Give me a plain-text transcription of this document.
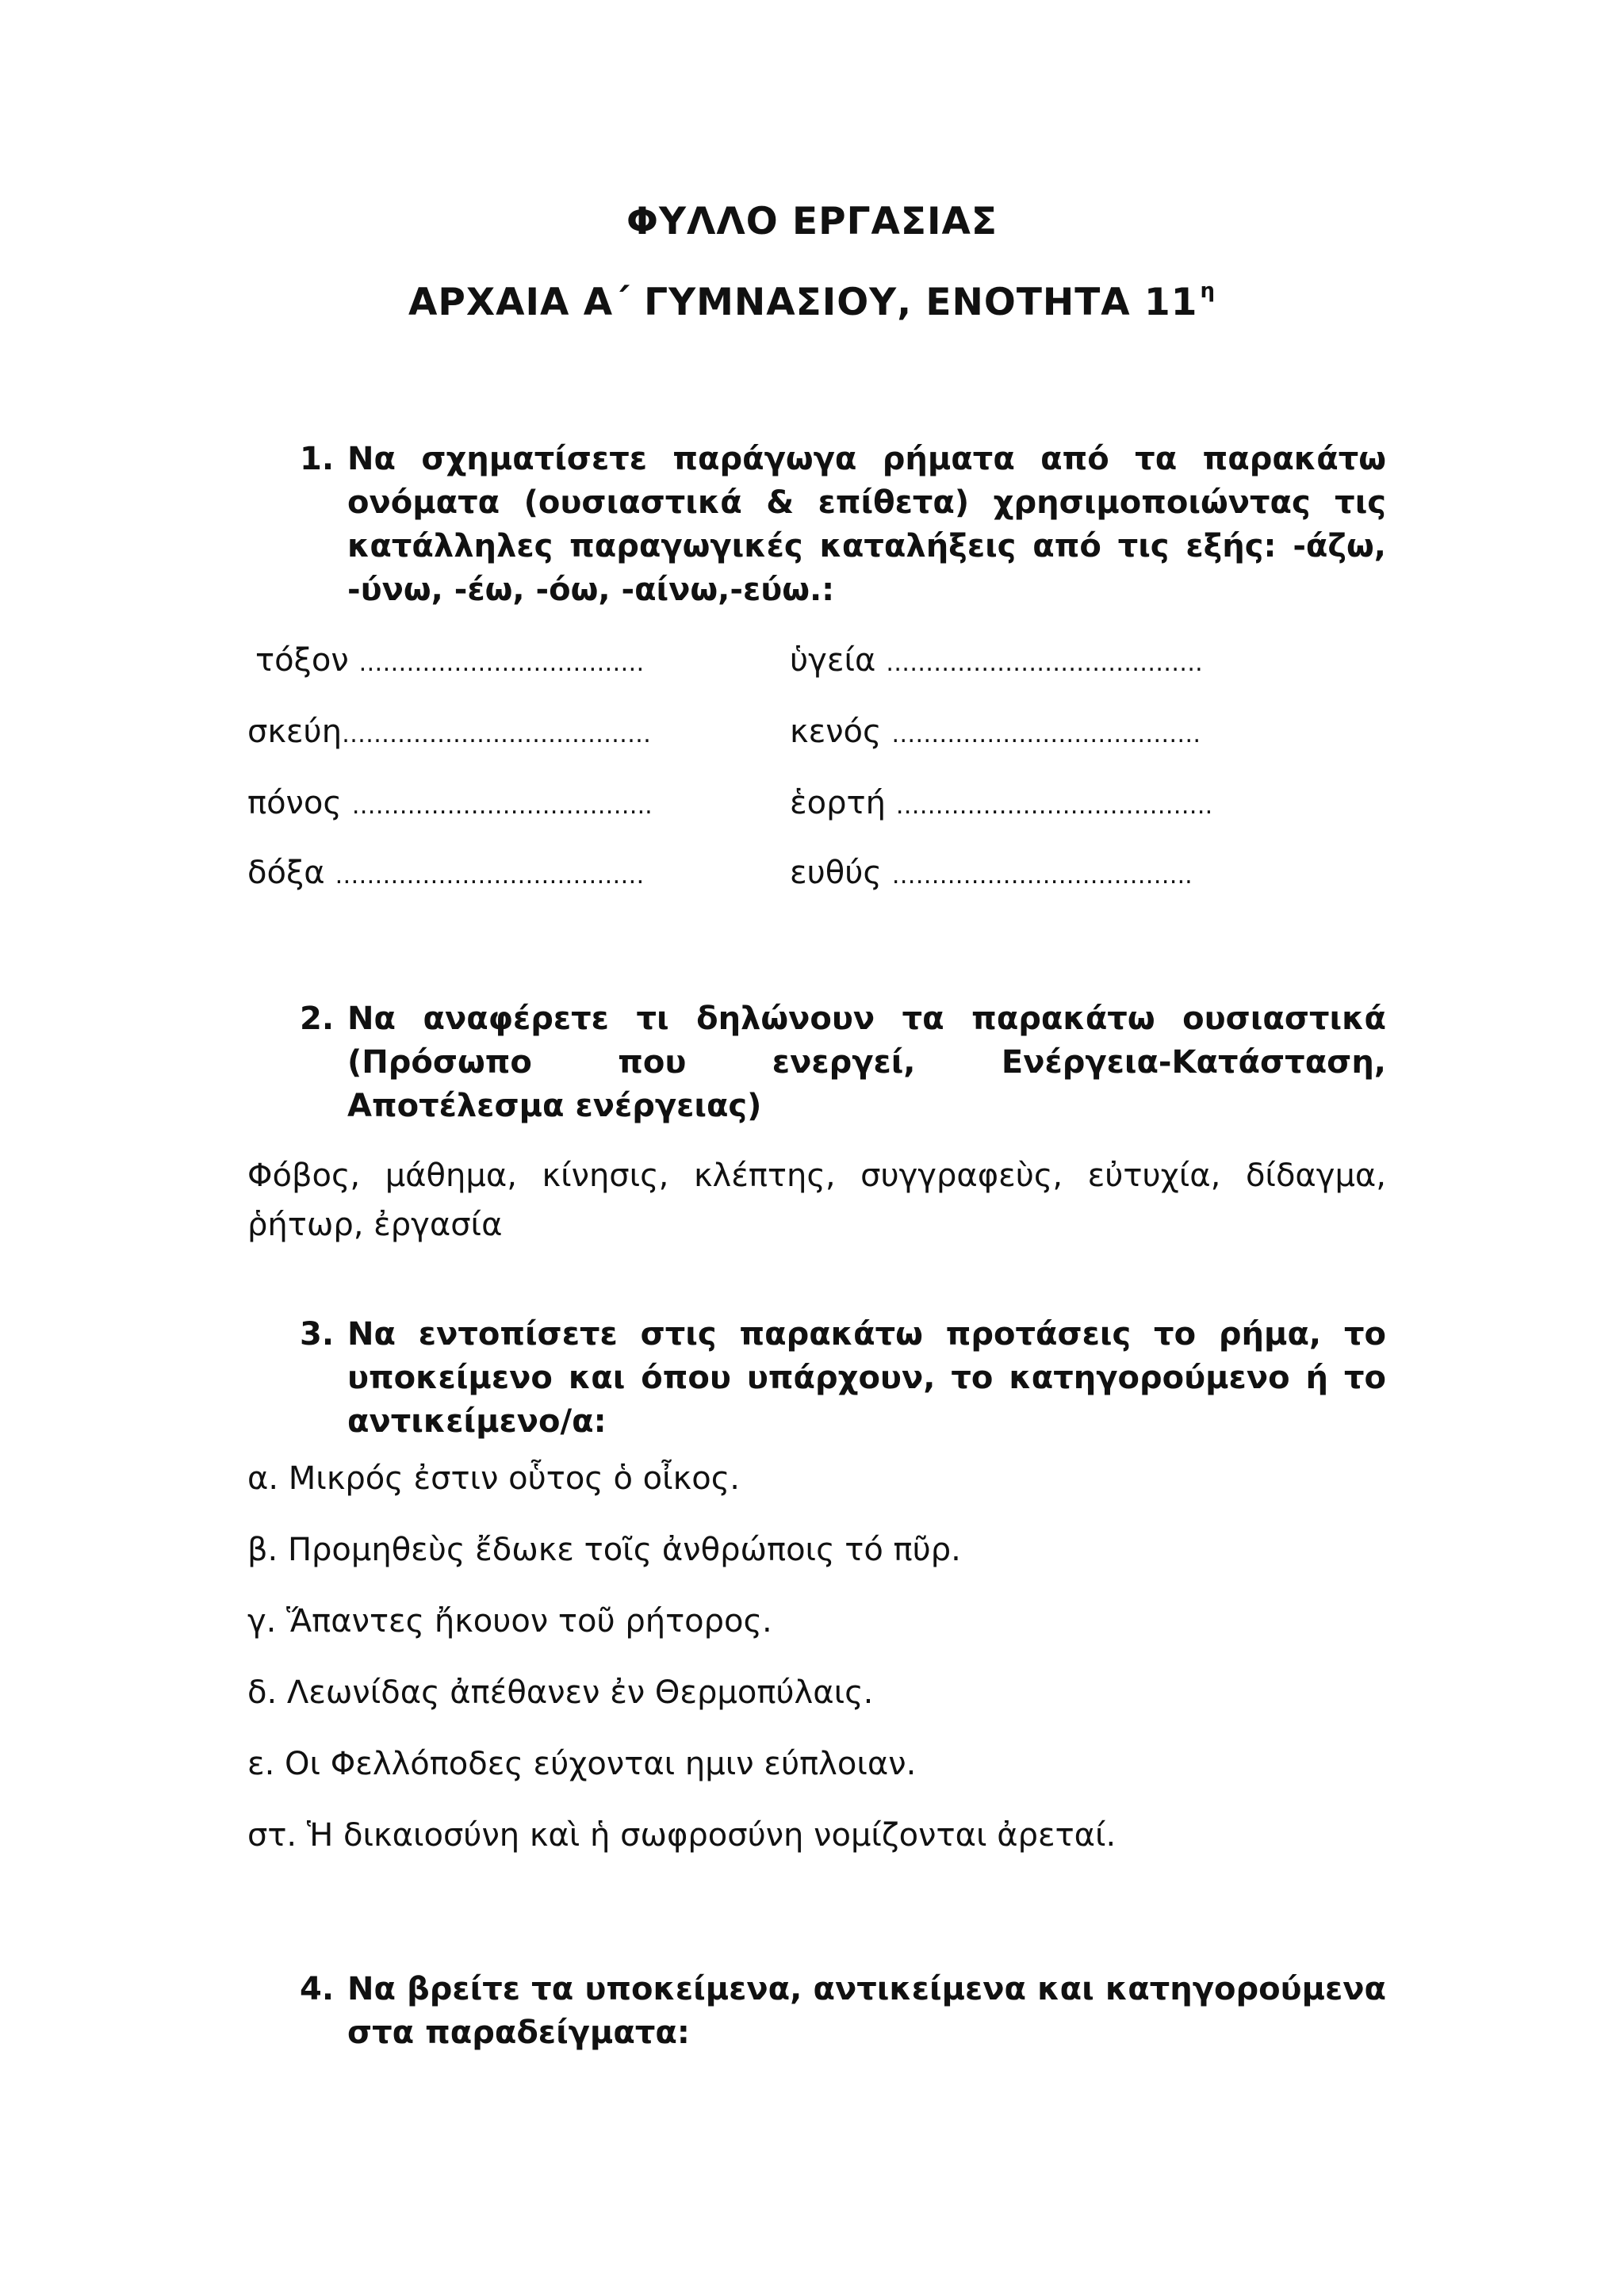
ΦΥΛΛΟ ΕΡΓΑΣΙΑΣ
ΑΡΧΑΙΑ Α΄ ΓΥΜΝΑΣΙΟΥ, ΕΝΟΤΗΤΑ 11 $^\eta$
1. Να σχηματίσετε παράγωγα ρήματα από τα παρακάτω ονόματα (ουσιαστικά & επίθετα) χρησιμοποιώντας τις κατάλληλες παραγωγικές καταλήξεις από τις εξής: -άζω, -ύνω, -έω, -όω, -αίνω,-εύω.:
τόξον ………………………………	ὑγεία ………………………………….
σκεύη…………………………………	κενός …………………………………
πόνος ………………………………..	ἑορτή ………………………………….
δόξα …………………………………	ευθύς ………………………………..
2. Να αναφέρετε τι δηλώνουν τα παρακάτω ουσιαστικά (Πρόσωπο που ενεργεί, Ενέργεια-Κατάσταση, Αποτέλεσμα ενέργειας)
Φόβος, μάθημα, κίνησις, κλέπτης, συγγραφεὺς, εὐτυχία, δίδαγμα, ῥήτωρ, ἐργασία
3. Να εντοπίσετε στις παρακάτω προτάσεις το ρήμα, το υποκείμενο και όπου υπάρχουν, το κατηγορούμενο ή το αντικείμενο/α:
α. Μικρός ἐστιν οὗτος ὁ οἶκος.
β. Προμηθεὺς ἔδωκε τοῖς ἀνθρώποις τό πῦρ.
γ. Ἅπαντες ἤκουον τοῦ ρήτορος.
δ. Λεωνίδας ἀπέθανεν ἐν Θερμοπύλαις.
ε. Οι Φελλόποδες εύχονται ημιν εύπλοιαν.
στ. Ἡ δικαιοσύνη καὶ ἡ σωφροσύνη νομίζονται ἀρεταί.
4. Να βρείτε τα υποκείμενα, αντικείμενα και κατηγορούμενα στα παραδείγματα:
